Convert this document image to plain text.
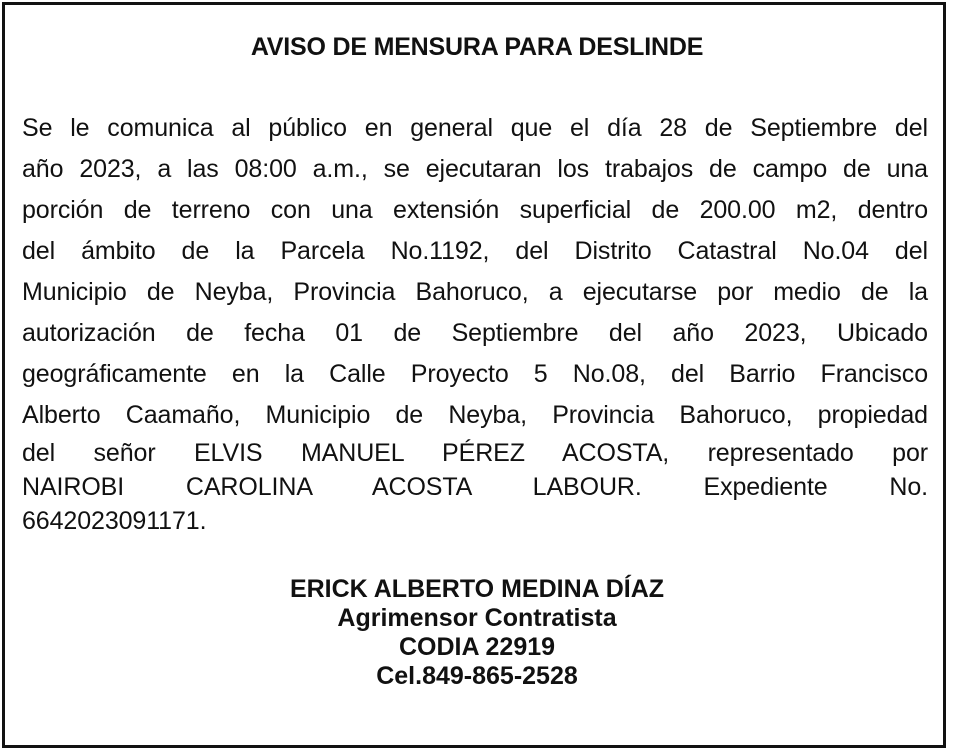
AVISO DE MENSURA PARA DESLINDE
Se le comunica al público en general que el día 28 de Septiembre del
año 2023, a las 08:00 a.m., se ejecutaran los trabajos de campo de una
porción de terreno con una extensión superficial de 200.00 m2, dentro
del ámbito de la Parcela No.1192, del Distrito Catastral No.04 del
Municipio de Neyba, Provincia Bahoruco, a ejecutarse por medio de la
autorización de fecha 01 de Septiembre del año 2023, Ubicado
geográficamente en la Calle Proyecto 5 No.08, del Barrio Francisco
Alberto Caamaño, Municipio de Neyba, Provincia Bahoruco, propiedad
del señor ELVIS MANUEL PÉREZ ACOSTA, representado por
NAIROBI CAROLINA ACOSTA LABOUR. Expediente No.
6642023091171.
ERICK ALBERTO MEDINA DÍAZ
Agrimensor Contratista
CODIA 22919
Cel.849-865-2528
